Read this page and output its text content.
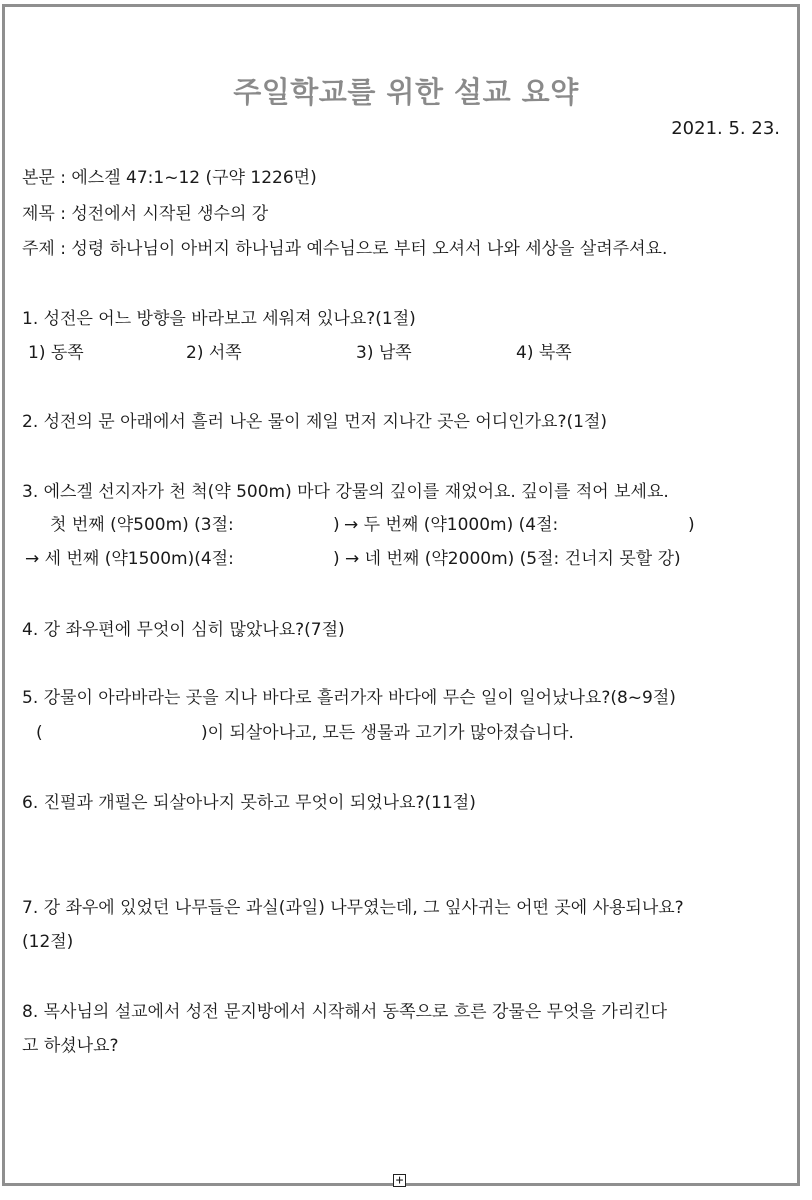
주일학교를 위한 설교 요약
2021. 5. 23.
본문 : 에스겔 47:1~12 (구약 1226면)
제목 : 성전에서 시작된 생수의 강
주제 : 성령 하나님이 아버지 하나님과 예수님으로 부터 오셔서 나와 세상을 살려주셔요.
1. 성전은 어느 방향을 바라보고 세워져 있나요?(1절)
1) 동쪽	2) 서쪽	3) 남쪽	4) 북쪽
2. 성전의 문 아래에서 흘러 나온 물이 제일 먼저 지나간 곳은 어디인가요?(1절)
3. 에스겔 선지자가 천 척(약 500m) 마다 강물의 깊이를 재었어요. 깊이를 적어 보세요.
첫 번째 (약500m) (3절:	) → 두 번째 (약1000m) (4절:	)
→ 세 번째 (약1500m)(4절:	) → 네 번째 (약2000m) (5절: 건너지 못할 강)
4. 강 좌우편에 무엇이 심히 많았나요?(7절)
5. 강물이 아라바라는 곳을 지나 바다로 흘러가자 바다에 무슨 일이 일어났나요?(8~9절)
(	)이 되살아나고, 모든 생물과 고기가 많아졌습니다.
6. 진펄과 개펄은 되살아나지 못하고 무엇이 되었나요?(11절)
7. 강 좌우에 있었던 나무들은 과실(과일) 나무였는데, 그 잎사귀는 어떤 곳에 사용되나요?
(12절)
8. 목사님의 설교에서 성전 문지방에서 시작해서 동쪽으로 흐른 강물은 무엇을 가리킨다
고 하셨나요?
+
